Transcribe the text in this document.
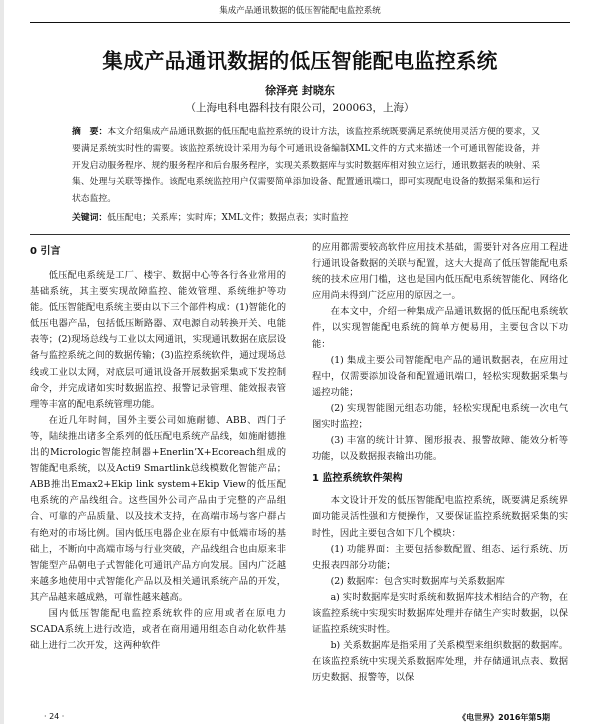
集成产品通讯数据的低压智能配电监控系统
集成产品通讯数据的低压智能配电监控系统
徐泽亮 封晓东
（上海电科电器科技有限公司，200063，上海）
摘　要：本文介绍集成产品通讯数据的低压配电监控系统的设计方法，该监控系统既要满足系统使用灵活方便的要求，又要满足系统实时性的需要。该监控系统设计采用为每个可通讯设备编制XML文件的方式来描述一个可通讯智能设备，并开发启动服务程序、规约服务程序和后台服务程序，实现关系数据库与实时数据库相对独立运行，通讯数据表的映射、采集、处理与关联等操作。该配电系统监控用户仅需要简单添加设备、配置通讯端口，即可实现配电设备的数据采集和运行状态监控。
关键词：低压配电；关系库；实时库；XML文件；数据点表；实时监控
0 引言

低压配电系统是工厂、楼宇、数据中心等各行各业常用的基础系统，其主要实现故障监控、能效管理、系统维护等功能。低压智能配电系统主要由以下三个部件构成：(1)智能化的低压电器产品，包括低压断路器、双电源自动转换开关、电能表等；(2)现场总线与工业以太网通讯，实现通讯数据在底层设备与监控系统之间的数据传输；(3)监控系统软件，通过现场总线或工业以太网，对底层可通讯设备开展数据采集或下发控制命令，并完成诸如实时数据监控、报警记录管理、能效报表管理等丰富的配电系统管理功能。

在近几年时间，国外主要公司如施耐德、ABB、西门子等，陆续推出诸多全系列的低压配电系统产品线，如施耐德推出的Micrologic智能控制器+Enerlin’X+Ecoreach组成的智能配电系统，以及Acti9 Smartlink总线模数化智能产品；ABB推出Emax2+Ekip link system+Ekip View的低压配电系统的产品线组合。这些国外公司产品由于完整的产品组合、可靠的产品质量、以及技术支持，在高端市场与客户群占有绝对的市场比例。国内低压电器企业在原有中低端市场的基础上，不断向中高端市场与行业突破，产品线组合也由原来非智能型产品朝电子式智能化可通讯产品方向发展。国内广泛越来越多地使用中式智能化产品以及相关通讯系统产品的开发，其产品越来越成熟，可靠性越来越高。

国内低压智能配电监控系统软件的应用或者在原电力SCADA系统上进行改造，或者在商用通用组态自动化软件基础上进行二次开发，这两种软件

的应用都需要较高软件应用技术基础，需要针对各应用工程进行通讯设备数据的关联与配置，这大大提高了低压智能配电系统的技术应用门槛，这也是国内低压配电系统智能化、网络化应用尚未得到广泛应用的原因之一。

在本文中，介绍一种集成产品通讯数据的低压配电系统软件，以实现智能配电系统的简单方便易用，主要包含以下功能：

(1) 集成主要公司智能配电产品的通讯数据表，在应用过程中，仅需要添加设备和配置通讯端口，轻松实现数据采集与遥控功能；

(2) 实现智能图元组态功能，轻松实现配电系统一次电气图实时监控；

(3) 丰富的统计计算、图形报表、报警故障、能效分析等功能，以及数据报表输出功能。

1 监控系统软件架构

本文设计开发的低压智能配电监控系统，既要满足系统界面功能灵活性强和方便操作，又要保证监控系统数据采集的实时性，因此主要包含如下几个模块：

(1) 功能界面：主要包括参数配置、组态、运行系统、历史报表四部分功能；

(2) 数据库：包含实时数据库与关系数据库

a) 实时数据库是实时系统和数据库技术相结合的产物，在该监控系统中实现实时数据库处理并存储生产实时数据，以保证监控系统实时性。

b) 关系数据库是指采用了关系模型来组织数据的数据库。在该监控系统中实现关系数据库处理，并存储通讯点表、数据历史数据、报警等，以保

· 24 ·	《电世界》2016年第5期
